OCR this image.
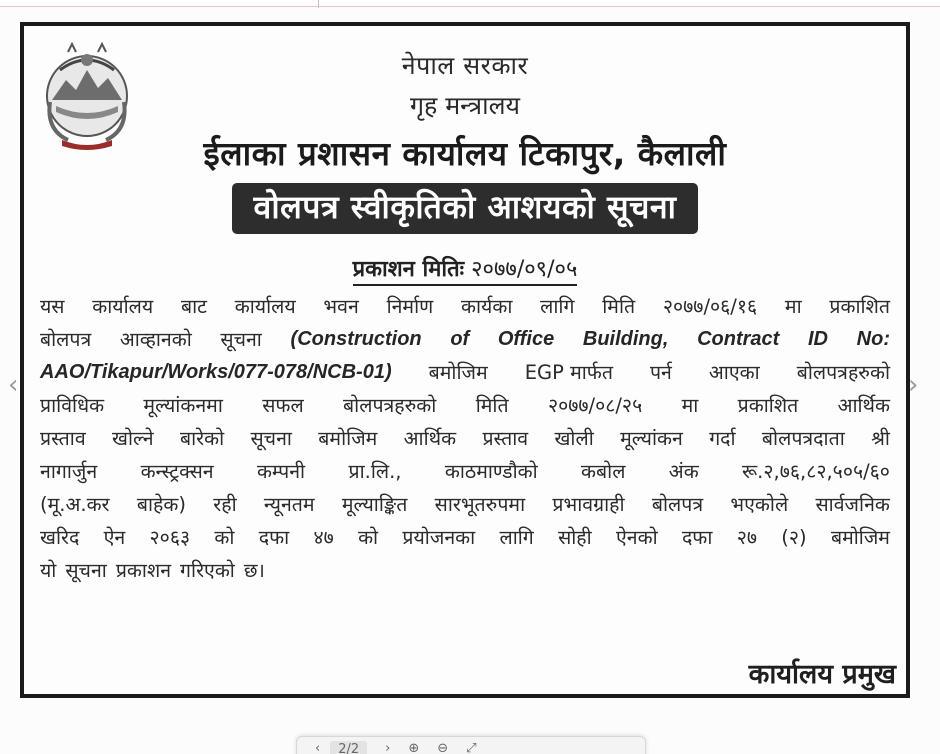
नेपाल सरकार
गृह मन्त्रालय
ईलाका प्रशासन कार्यालय टिकापुर, कैलाली
वोलपत्र स्वीकृतिको आशयको सूचना
प्रकाशन मितिः २०७७/०९/०५
यस कार्यालय बाट कार्यालय भवन निर्माण कार्यका लागि मिति २०७७/०६/१६ मा प्रकाशित
बोलपत्र आव्हानको सूचना (Construction of Office Building, Contract ID No:
AAO/Tikapur/Works/077-078/NCB-01) बमोजिम EGP मार्फत पर्न आएका बोलपत्रहरुको
प्राविधिक मूल्यांकनमा सफल बोलपत्रहरुको मिति २०७७/०८/२५ मा प्रकाशित आर्थिक
प्रस्ताव खोल्ने बारेको सूचना बमोजिम आर्थिक प्रस्ताव खोली मूल्यांकन गर्दा बोलपत्रदाता श्री
नागार्जुन कन्स्ट्रक्सन कम्पनी प्रा.लि., काठमाण्डौको कबोल अंक रू.२,७६,८२,५०५/६०
(मू.अ.कर बाहेक) रही न्यूनतम मूल्याङ्कित सारभूतरुपमा प्रभावग्राही बोलपत्र भएकोले सार्वजनिक
खरिद ऐन २०६३ को दफा ४७ को प्रयोजनका लागि सोही ऐनको दफा २७ (२) बमोजिम
यो सूचना प्रकाशन गरिएको छ।
कार्यालय प्रमुख
‹	›
‹	2/2	› ⊕ ⊖ ⤢
